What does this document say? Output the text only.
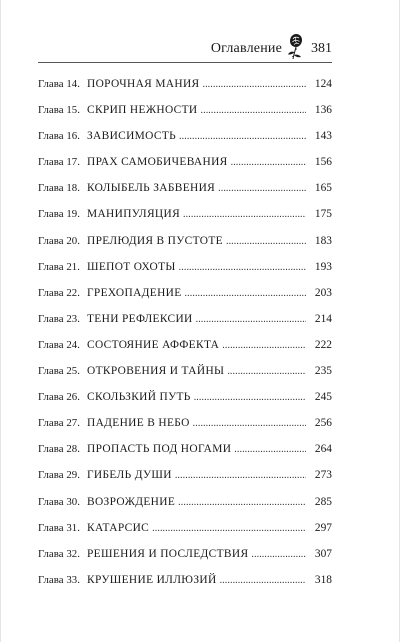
Оглавление 381
Глава 14. ПОРОЧНАЯ МАНИЯ . . .	124
Глава 15. СКРИП НЕЖНОСТИ . . .	136
Глава 16. ЗАВИСИМОСТЬ . . .	143
Глава 17. ПРАХ САМОБИЧЕВАНИЯ . . .	156
Глава 18. КОЛЫБЕЛЬ ЗАБВЕНИЯ . . .	165
Глава 19. МАНИПУЛЯЦИЯ . . .	175
Глава 20. ПРЕЛЮДИЯ В ПУСТОТЕ . . .	183
Глава 21. ШЕПОТ ОХОТЫ . . .	193
Глава 22. ГРЕХОПАДЕНИЕ . . .	203
Глава 23. ТЕНИ РЕФЛЕКСИИ . . .	214
Глава 24. СОСТОЯНИЕ АФФЕКТА . . .	222
Глава 25. ОТКРОВЕНИЯ И ТАЙНЫ . . .	235
Глава 26. СКОЛЬЗКИЙ ПУТЬ . . .	245
Глава 27. ПАДЕНИЕ В НЕБО . . .	256
Глава 28. ПРОПАСТЬ ПОД НОГАМИ . . .	264
Глава 29. ГИБЕЛЬ ДУШИ . . .	273
Глава 30. ВОЗРОЖДЕНИЕ . . .	285
Глава 31. КАТАРСИС . . .	297
Глава 32. РЕШЕНИЯ И ПОСЛЕДСТВИЯ . . .	307
Глава 33. КРУШЕНИЕ ИЛЛЮЗИЙ . . .	318
